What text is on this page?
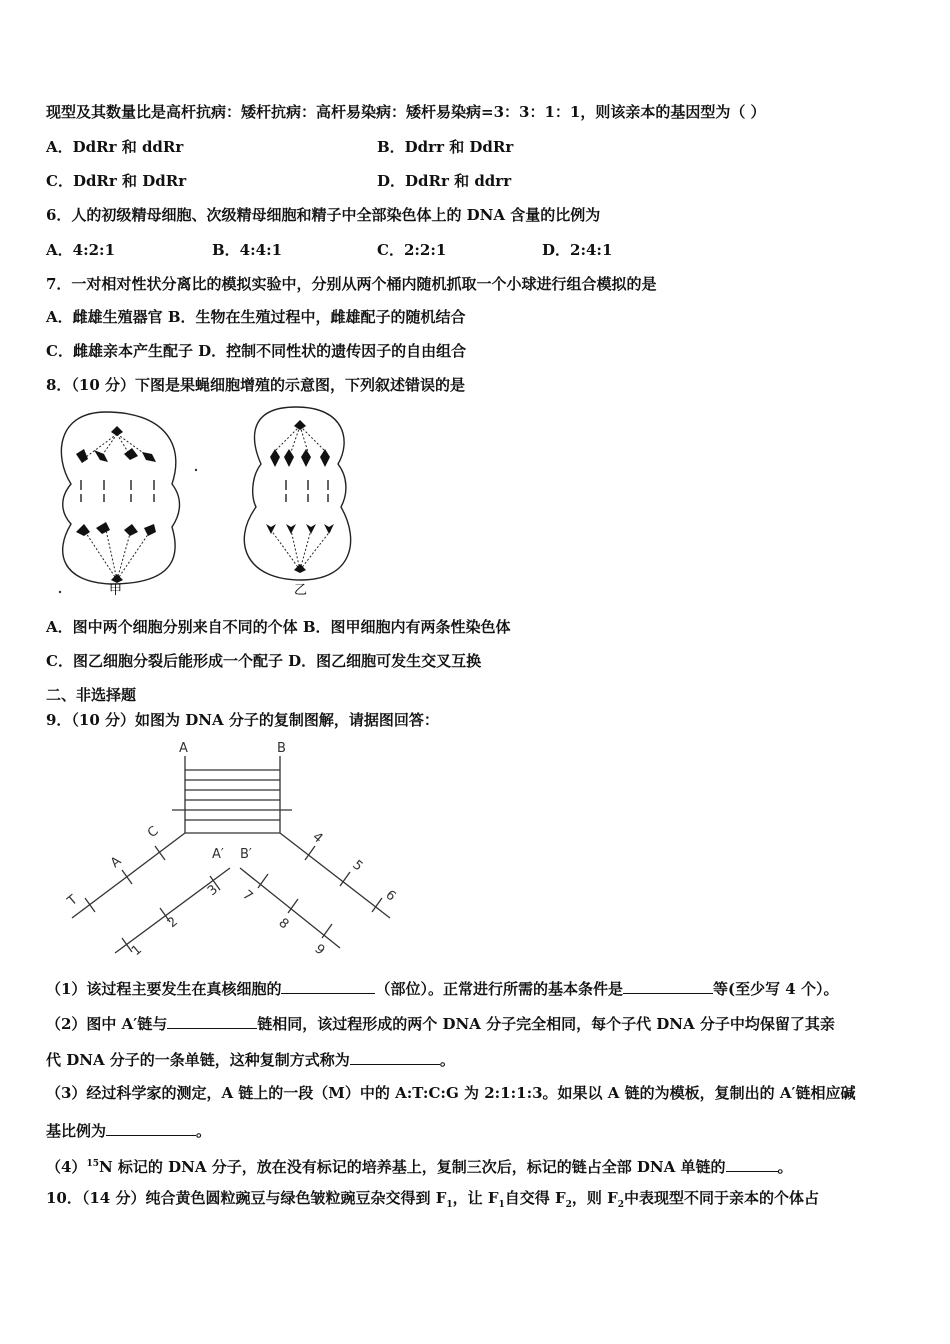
现型及其数量比是高杆抗病：矮杆抗病：高杆易染病：矮杆易染病=3：3：1：1，则该亲本的基因型为（ ）
A．DdRr 和 ddRr	B．Ddrr 和 DdRr
C．DdRr 和 DdRr	D．DdRr 和 ddrr
6．人的初级精母细胞、次级精母细胞和精子中全部染色体上的 DNA 含量的比例为
A．4:2:1	B．4:4:1	C．2:2:1	D．2:4:1
7．一对相对性状分离比的模拟实验中，分别从两个桶内随机抓取一个小球进行组合模拟的是
A．雌雄生殖器官 B．生物在生殖过程中，雌雄配子的随机结合
C．雌雄亲本产生配子 D．控制不同性状的遗传因子的自由组合
8．（10 分）下图是果蝇细胞增殖的示意图，下列叙述错误的是
甲	乙
A．图中两个细胞分别来自不同的个体 B．图甲细胞内有两条性染色体
C．图乙细胞分裂后能形成一个配子 D．图乙细胞可发生交叉互换
二、非选择题
9．（10 分）如图为 DNA 分子的复制图解，请据图回答：
A	B
A′ B′
C
A
T
3
2
1
4
5
6
7
8
9
（1）该过程主要发生在真核细胞的	（部位）。正常进行所需的基本条件是	等(至少写 4 个）。
（2）图中 A′链与	链相同，该过程形成的两个 DNA 分子完全相同，每个子代 DNA 分子中均保留了其亲
代 DNA 分子的一条单链，这种复制方式称为	。
（3）经过科学家的测定，A 链上的一段（M）中的 A:T:C:G 为 2:1:1:3。如果以 A 链的为模板，复制出的 A′链相应碱
基比例为	。
$(4)^{15}N$ 标记的 DNA 分子，放在没有标记的培养基上，复制三次后，标记的链占全部 DNA 单链的	。
10．（14 分）纯合黄色圆粒豌豆与绿色皱粒豌豆杂交得到 $F_1$，让 $F_1$自交得 $F_2$，则 $F_2$中表现型不同于亲本的个体占
